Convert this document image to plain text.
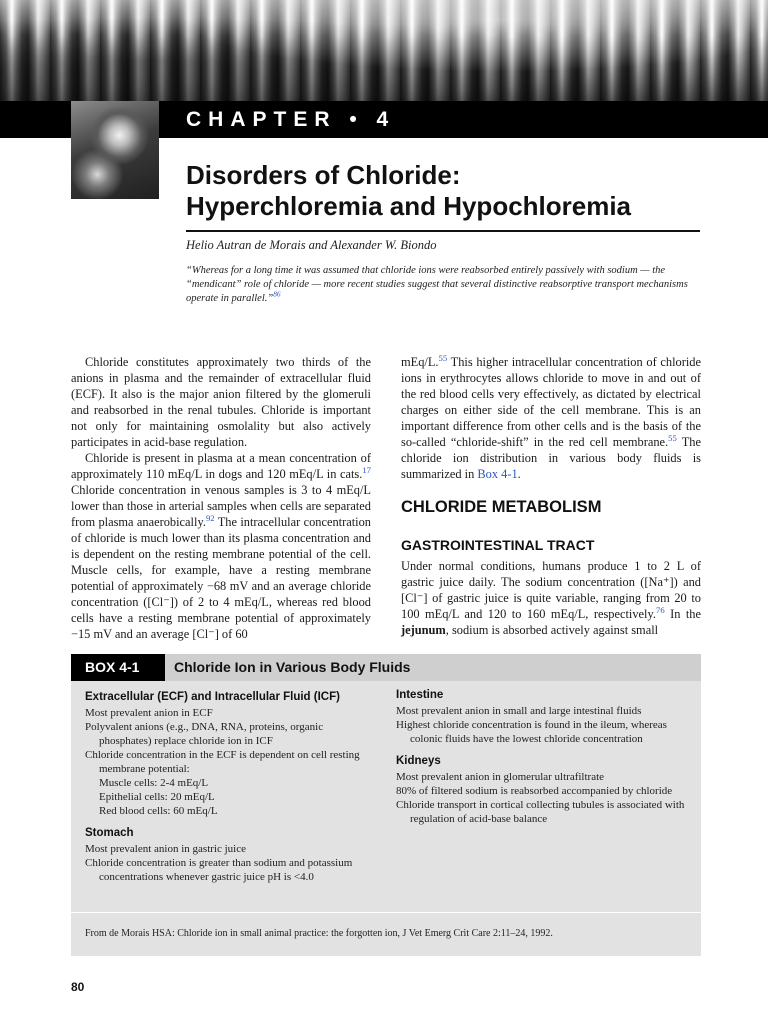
CHAPTER • 4
Disorders of Chloride:
Hyperchloremia and Hypochloremia
Helio Autran de Morais and Alexander W. Biondo
“Whereas for a long time it was assumed that chloride ions were reabsorbed entirely passively with sodium — the “mendicant” role of chloride — more recent studies suggest that several distinctive reabsorptive transport mechanisms operate in parallel.”$^{86}$

Chloride constitutes approximately two thirds of the anions in plasma and the remainder of extracellular fluid (ECF). It also is the major anion filtered by the glomeruli and reabsorbed in the renal tubules. Chloride is important not only for maintaining osmolality but also actively participates in acid-base regulation.

Chloride is present in plasma at a mean concentration of approximately 110 mEq/L in dogs and 120 mEq/L in cats.$^{17}$ Chloride concentration in venous samples is 3 to 4 mEq/L lower than those in arterial samples when cells are separated from plasma anaerobically.$^{92}$ The intracellular concentration of chloride is much lower than its plasma concentration and is dependent on the resting membrane potential of the cell. Muscle cells, for example, have a resting membrane potential of approximately −68 mV and an average chloride concentration ([Cl⁻]) of 2 to 4 mEq/L, whereas red blood cells have a resting membrane potential of approximately −15 mV and an average [Cl⁻] of 60

mEq/L.$^{55}$ This higher intracellular concentration of chloride ions in erythrocytes allows chloride to move in and out of the red blood cells very effectively, as dictated by electrical charges on either side of the cell membrane. This is an important difference from other cells and is the basis of the so-called “chloride-shift” in the red cell membrane.$^{55}$ The chloride ion distribution in various body fluids is summarized in Box 4-1.

CHLORIDE METABOLISM
GASTROINTESTINAL TRACT
Under normal conditions, humans produce 1 to 2 L of gastric juice daily. The sodium concentration ([Na⁺]) and [Cl⁻] of gastric juice is quite variable, ranging from 20 to 100 mEq/L and 120 to 160 mEq/L, respectively.$^{76}$ In the jejunum, sodium is absorbed actively against small
BOX 4-1	Chloride Ion in Various Body Fluids
Extracellular (ECF) and Intracellular Fluid (ICF)
Most prevalent anion in ECF
Polyvalent anions (e.g., DNA, RNA, proteins, organic phosphates) replace chloride ion in ICF
Chloride concentration in the ECF is dependent on cell resting membrane potential:
Muscle cells: 2-4 mEq/L
Epithelial cells: 20 mEq/L
Red blood cells: 60 mEq/L
Stomach
Most prevalent anion in gastric juice
Chloride concentration is greater than sodium and potassium concentrations whenever gastric juice pH is <4.0
Intestine
Most prevalent anion in small and large intestinal fluids
Highest chloride concentration is found in the ileum, whereas colonic fluids have the lowest chloride concentration
Kidneys
Most prevalent anion in glomerular ultrafiltrate
80% of filtered sodium is reabsorbed accompanied by chloride
Chloride transport in cortical collecting tubules is associated with regulation of acid-base balance
From de Morais HSA: Chloride ion in small animal practice: the forgotten ion, J Vet Emerg Crit Care 2:11–24, 1992.
80
